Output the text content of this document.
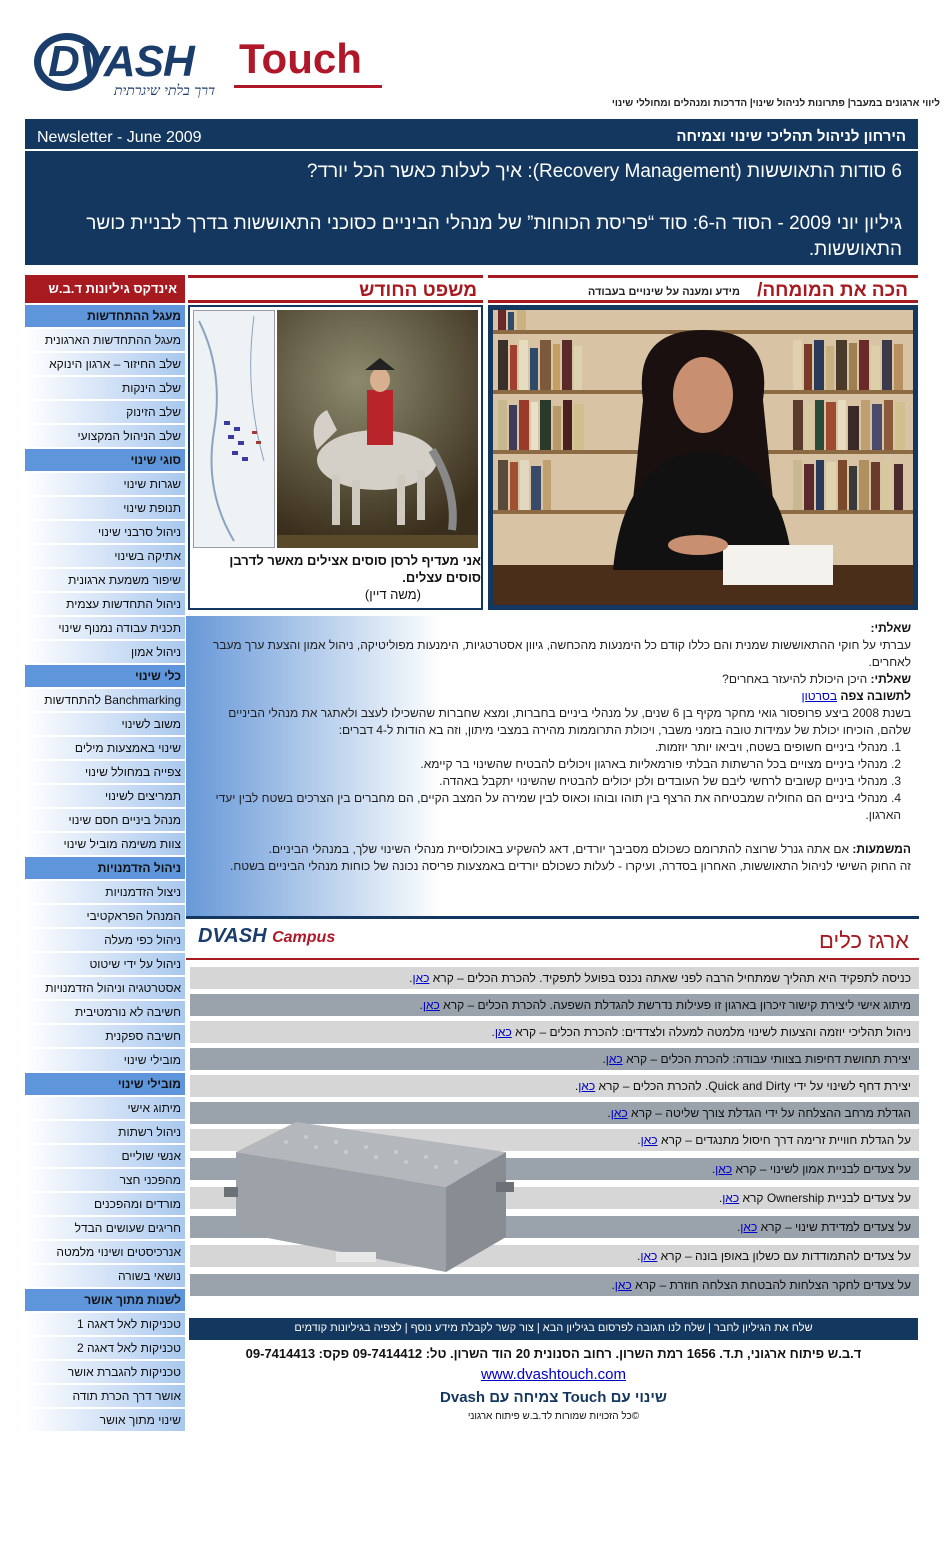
DVASH Touch
דרך בלתי שיגרתית
ליווי ארגונים במעבר| פתרונות לניהול שינוי| הדרכות ומנהלים ומחוללי שינוי
Newsletter - June 2009	הירחון לניהול תהליכי שינוי וצמיחה

6 סודות התאוששות (Recovery Management): איך לעלות כאשר הכל יורד?

גיליון יוני 2009 - הסוד ה-6: סוד “פריסת הכוחות” של מנהלי הביניים כסוכני התאוששות בדרך לבניית כושר התאוששות.

אינדקס גיליונות ד.ב.ש
מעגל ההתחדשות
מעגל ההתחדשות הארגונית
שלב החיזור – ארגון הינוקא
שלב הינקות
שלב הזינוק
שלב הניהול המקצועי
סוגי שינוי
שגרות שינוי
תנופת שינוי
ניהול סרבני שינוי
אתיקה בשינוי
שיפור משמעת ארגונית
ניהול התחדשות עצמית
תכנית עבודה נמנוף שינוי
ניהול אמון
כלי שינוי
Banchmarking להתחדשות
משוב לשינוי
שינוי באמצעות מילים
צפייה במחולל שינוי
תמריצים לשינוי
מנהל ביניים חסם שינוי
צוות משימה מוביל שינוי
ניהול הזדמנויות
ניצול הזדמנויות
המנהל הפראקטיבי
ניהול כפי מעלה
ניהול על ידי שיטוט
אסטרטגיה וניהול הזדמנויות
חשיבה לא נורמטיבית
חשיבה ספקנית
מובילי שינוי
מובילי שינוי
מיתוג אישי
ניהול רשתות
אנשי שוליים
מהפכני חצר
מורדים ומהפכנים
חריגים שעושים הבדל
אנרכיסטים ושינוי מלמטה
נושאי בשורה
לשנות מתוך אושר
טכניקות לאל דאגה 1
טכניקות לאל דאגה 2
טכניקות להגברת אושר
אושר דרך הכרת תודה
שינוי מתוך אושר
הכה את המומחה/
מידע ומענה על שינויים בעבודה
משפט החודש
אני מעדיף לרסן סוסים אצילים מאשר לדרבן סוסים עצלים.
(משה דיין)
שאלתי:
עברתי על חוקי ההתאוששות שמנית והם כללו קודם כל הימנעות מהכחשה, גיוון אסטרטגיות, הימנעות מפוליטיקה, ניהול אמון והצעת ערך מעבר לאחרים.
שאלתי: היכן היכולת להיעזר באחרים?
לתשובה צפה בסרטון
בשנת 2008 ביצע פרופסור גואי מחקר מקיף בן 6 שנים, על מנהלי ביניים בחברות, ומצא שחברות שהשכילו לעצב ולאתגר את מנהלי הביניים שלהם, הוכיחו יכולת של עמידות טובה בזמני משבר, ויכולת התרוממות מהירה במצבי מיתון, וזה בא הודות ל-4 דברים:
1. מנהלי ביניים חשופים בשטח, ויביאו יותר יוזמות.
2. מנהלי ביניים מצויים בכל הרשתות הבלתי פורמאליות בארגון ויכולים להבטיח שהשינוי בר קיימא.
3. מנהלי ביניים קשובים לרחשי ליבם של העובדים ולכן יכולים להבטיח שהשינוי יתקבל באהדה.
4. מנהלי ביניים הם החוליה שמבטיחה את הרצף בין תוהו ובוהו וכאוס לבין שמירה על המצב הקיים, הם מחברים בין הצרכים בשטח לבין יעדי הארגון.
המשמעות: אם אתה גנרל שרוצה להתרומם כשכולם מסביבך יורדים, דאג להשקיע באוכלוסיית מנהלי השינוי שלך, במנהלי הביניים.
זה החוק השישי לניהול התאוששות, האחרון בסדרה, ועיקרו - לעלות כשכולם יורדים באמצעות פריסה נכונה של כוחות מנהלי הביניים בשטח.
DVASH Campus	ארגז כלים
כניסה לתפקיד היא תהליך שמתחיל הרבה לפני שאתה נכנס בפועל לתפקיד. להכרת הכלים – קרא כאן.
מיתוג אישי ליצירת קישור זיכרון בארגון זו פעילות נדרשת להגדלת השפעה. להכרת הכלים – קרא כאן.
ניהול תהליכי יוזמה והצעות לשינוי מלמטה למעלה ולצדדים: להכרת הכלים – קרא כאן.
יצירת תחושת דחיפות בצוותי עבודה: להכרת הכלים – קרא כאן.
יצירת דחף לשינוי על ידי Quick and Dirty. להכרת הכלים – קרא כאן.
הגדלת מרחב ההצלחה על ידי הגדלת צורך שליטה – קרא כאן.
על הגדלת חוויית זרימה דרך חיסול מתנגדים – קרא כאן.
על צעדים לבניית אמון לשינוי – קרא כאן.
על צעדים לבניית Ownership קרא כאן.
על צעדים למדידת שינוי – קרא כאן.
על צעדים להתמודדות עם כשלון באופן בונה – קרא כאן.
על צעדים לחקר הצלחות להבטחת הצלחה חוזרת – קרא כאן.
שלח את הגיליון לחבר | שלח לנו תגובה לפרסום בגיליון הבא | צור קשר לקבלת מידע נוסף | לצפיה בגיליונות קודמים
ד.ב.ש פיתוח ארגוני, ת.ד. 1656 רמת השרון. רחוב הסנונית 20 הוד השרון. טל: 09-7414412 פקס: 09-7414413
www.dvashtouch.com
שינוי עם Touch צמיחה עם Dvash
©כל הזכויות שמורות לד.ב.ש פיתוח ארגוני
